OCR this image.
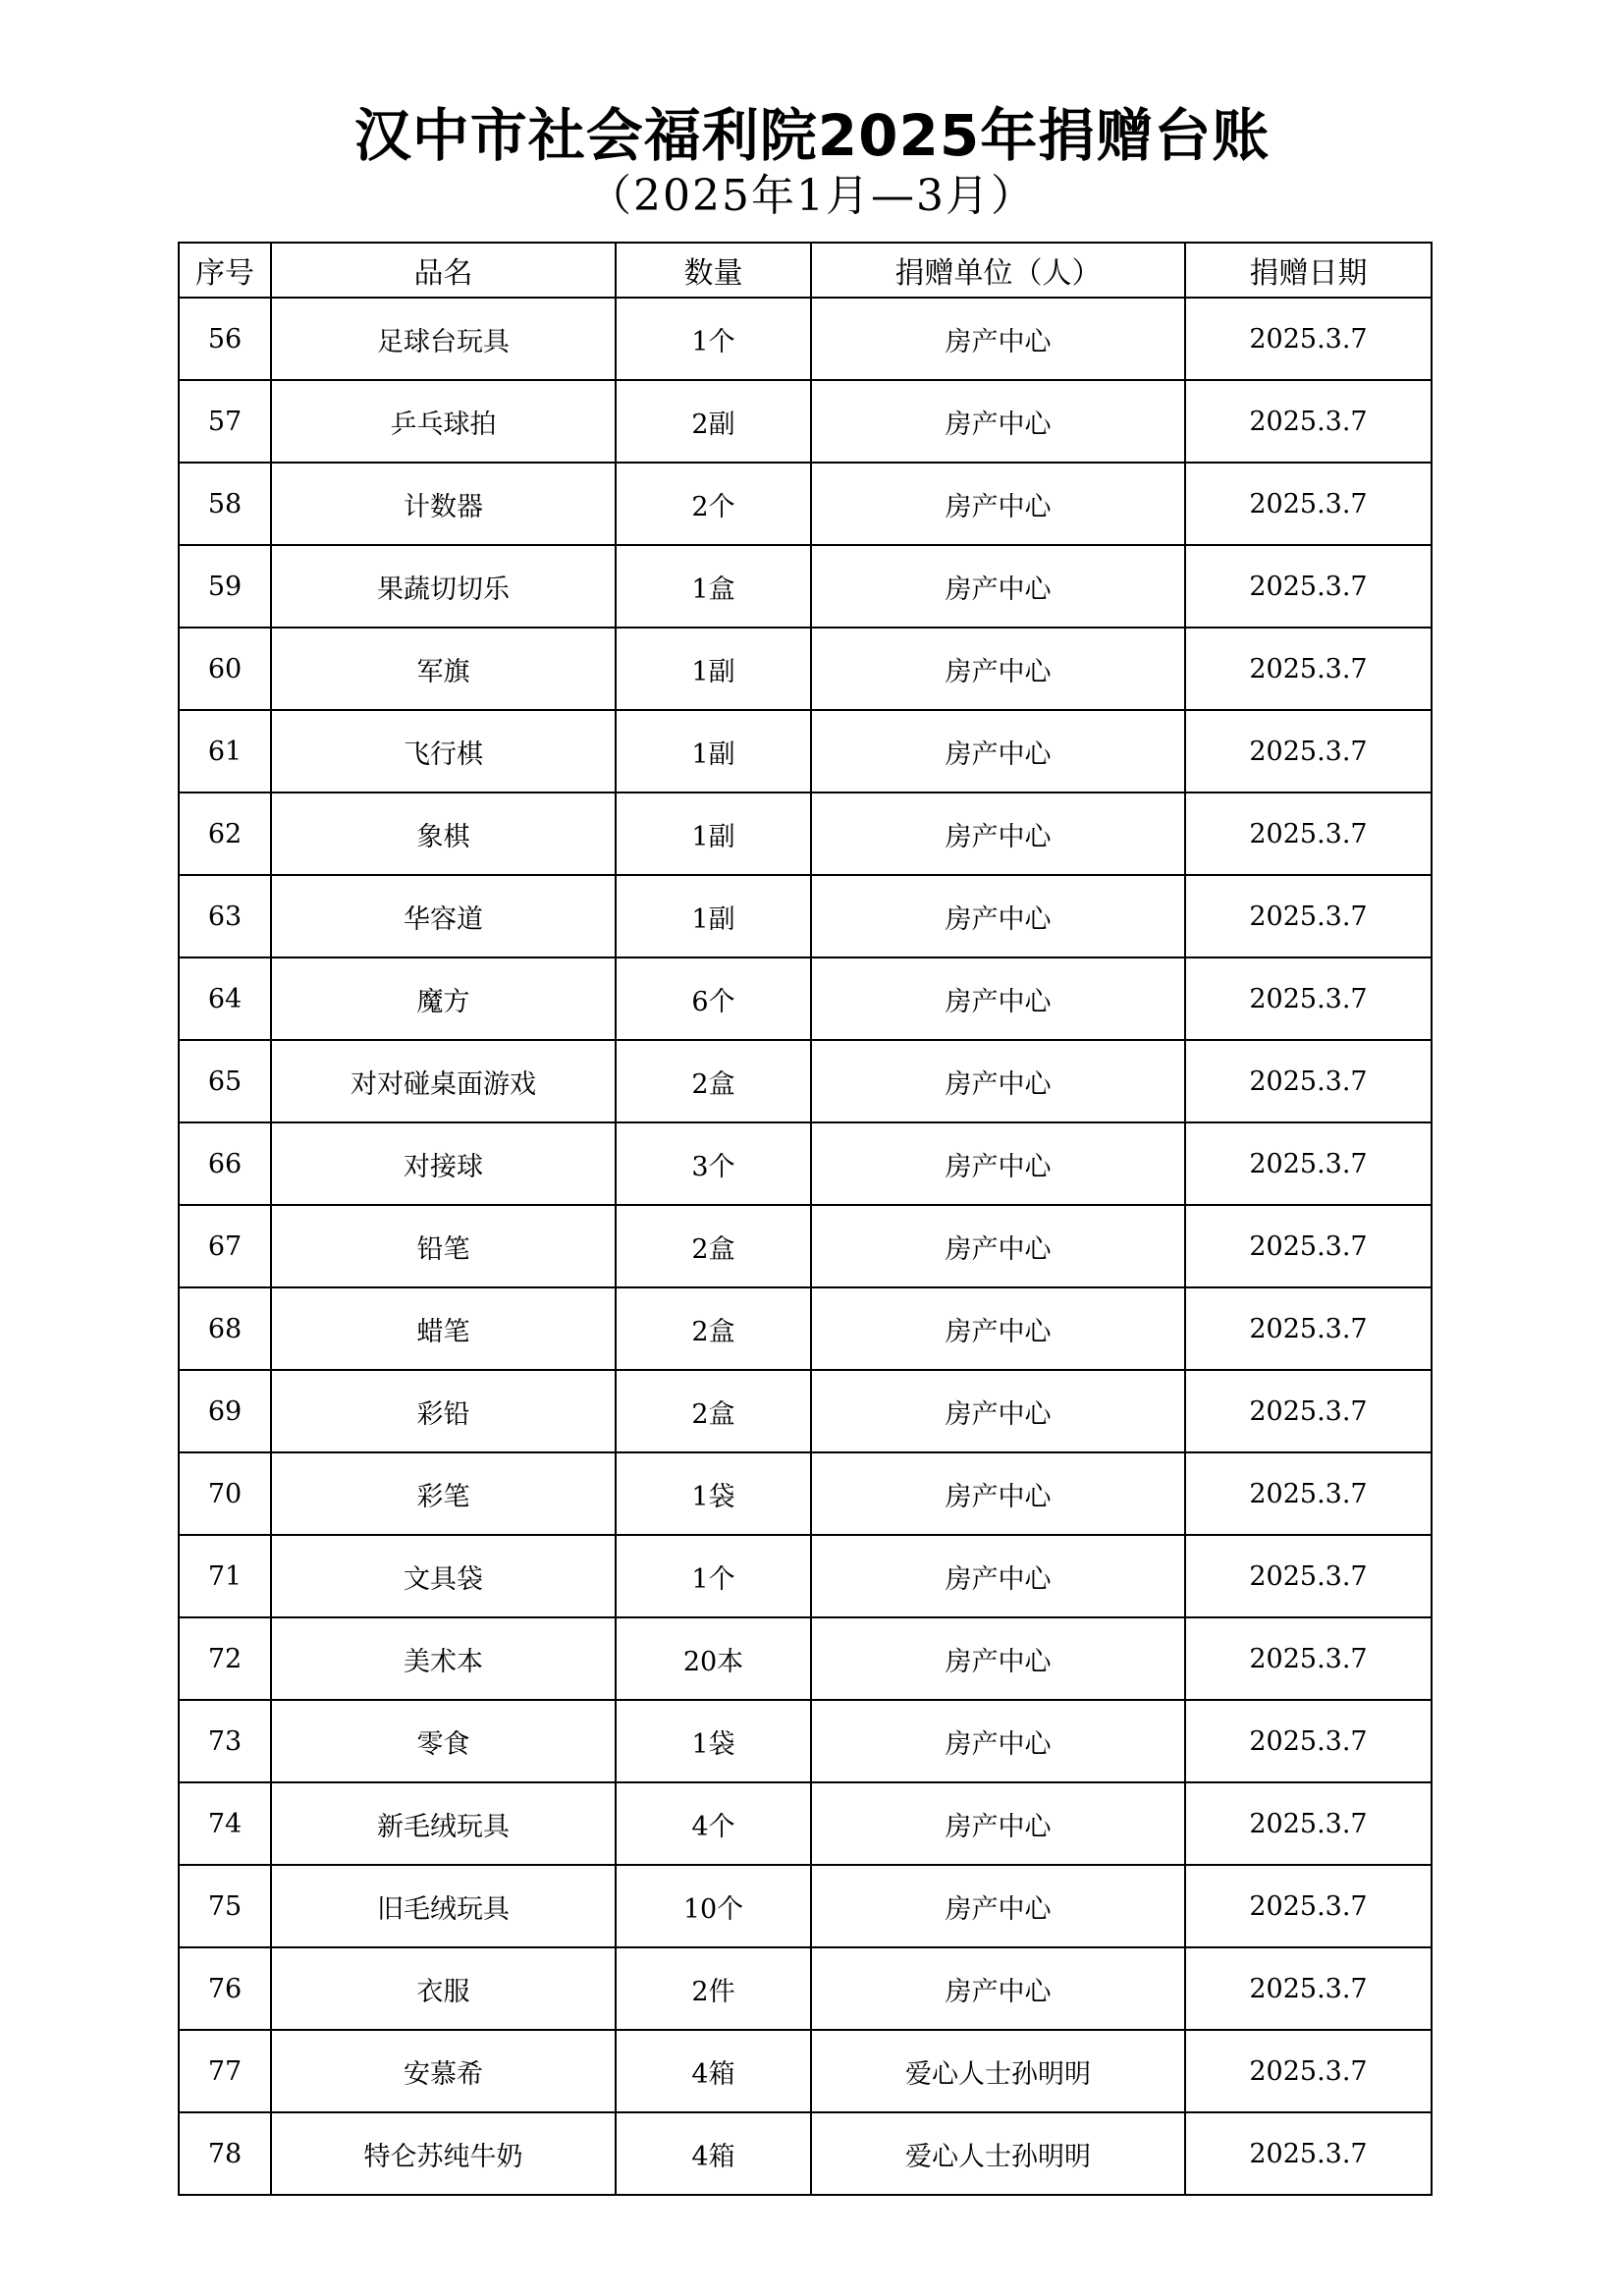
汉中市社会福利院2025年捐赠台账
（2025年1月—3月）
序号	品名	数量	捐赠单位（人）	捐赠日期
56	足球台玩具	1个	房产中心	2025.3.7
57	乒乓球拍	2副	房产中心	2025.3.7
58	计数器	2个	房产中心	2025.3.7
59	果蔬切切乐	1盒	房产中心	2025.3.7
60	军旗	1副	房产中心	2025.3.7
61	飞行棋	1副	房产中心	2025.3.7
62	象棋	1副	房产中心	2025.3.7
63	华容道	1副	房产中心	2025.3.7
64	魔方	6个	房产中心	2025.3.7
65	对对碰桌面游戏	2盒	房产中心	2025.3.7
66	对接球	3个	房产中心	2025.3.7
67	铅笔	2盒	房产中心	2025.3.7
68	蜡笔	2盒	房产中心	2025.3.7
69	彩铅	2盒	房产中心	2025.3.7
70	彩笔	1袋	房产中心	2025.3.7
71	文具袋	1个	房产中心	2025.3.7
72	美术本	20本	房产中心	2025.3.7
73	零食	1袋	房产中心	2025.3.7
74	新毛绒玩具	4个	房产中心	2025.3.7
75	旧毛绒玩具	10个	房产中心	2025.3.7
76	衣服	2件	房产中心	2025.3.7
77	安慕希	4箱	爱心人士孙明明	2025.3.7
78	特仑苏纯牛奶	4箱	爱心人士孙明明	2025.3.7
